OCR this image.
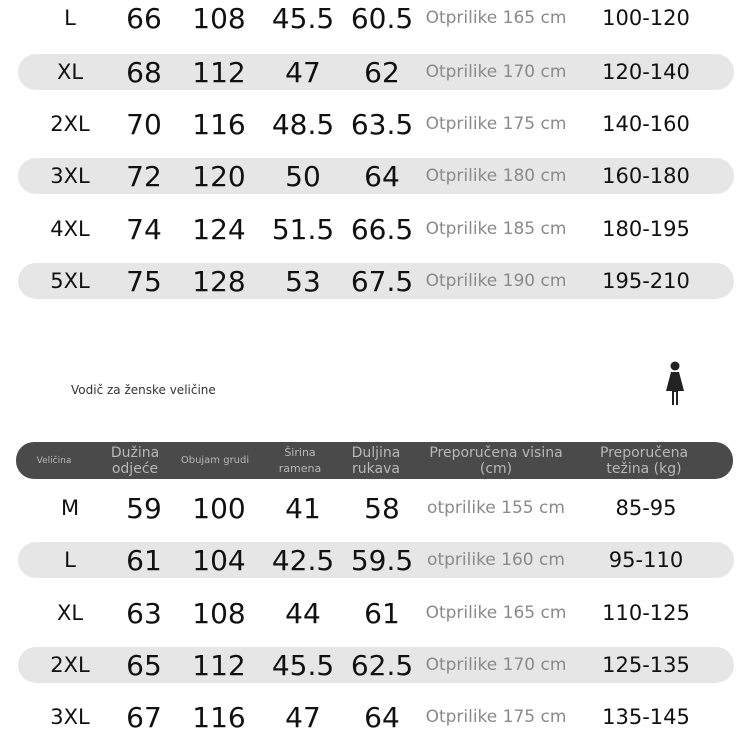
L 66 108 45.5 60.5 Otprilike 165 cm 100-120
XL 68 112 47 62 Otprilike 170 cm 120-140
2XL 70 116 48.5 63.5 Otprilike 175 cm 140-160
3XL 72 120 50 64 Otprilike 180 cm 160-180
4XL 74 124 51.5 66.5 Otprilike 185 cm 180-195
5XL 75 128 53 67.5 Otprilike 190 cm 195-210
Vodič za ženske veličine
Veličina	Dužina odjeće
Obujam grudi
Širina ramena
Duljina rukava
Preporučena visina (cm)
Preporučena težina (kg)
M 59 100 41 58	otprilike 155 cm 85-95
L 61 104 42.5 59.5 otprilike 160 cm 95-110
XL 63 108 44 61 Otprilike 165 cm 110-125
2XL 65 112 45.5 62.5 Otprilike 170 cm 125-135
3XL 67 116 47 64 Otprilike 175 cm 135-145
